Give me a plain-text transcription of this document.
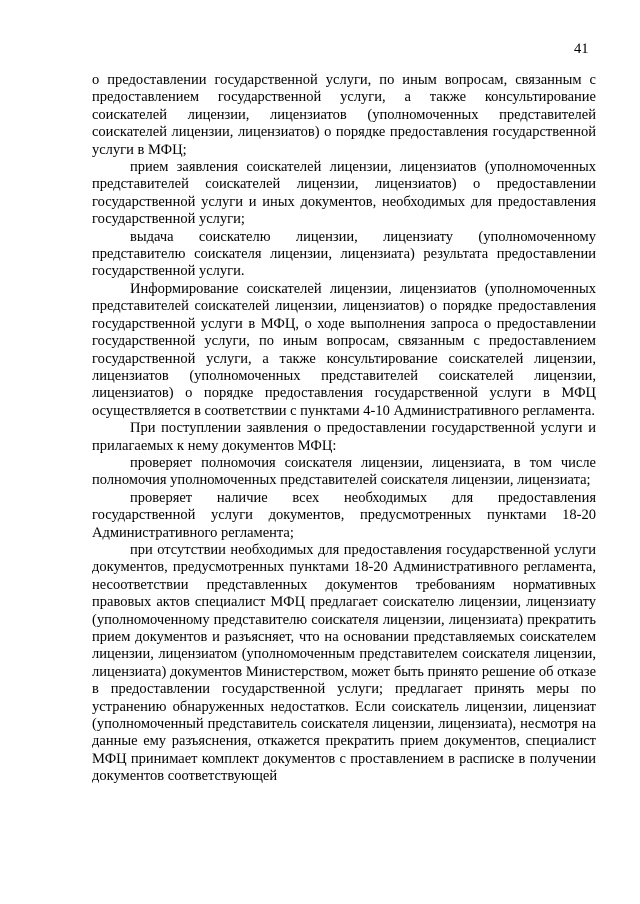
41

о предоставлении государственной услуги, по иным вопросам, связанным с предоставлением государственной услуги, а также консультирование соискателей лицензии, лицензиатов (уполномоченных представителей соискателей лицензии, лицензиатов) о порядке предоставления государственной услуги в МФЦ;

прием заявления соискателей лицензии, лицензиатов (уполномоченных представителей соискателей лицензии, лицензиатов) о предоставлении государственной услуги и иных документов, необходимых для предоставления государственной услуги;

выдача соискателю лицензии, лицензиату (уполномоченному представителю соискателя лицензии, лицензиата) результата предоставлении государственной услуги.

Информирование соискателей лицензии, лицензиатов (уполномоченных представителей соискателей лицензии, лицензиатов) о порядке предоставления государственной услуги в МФЦ, о ходе выполнения запроса о предоставлении государственной услуги, по иным вопросам, связанным с предоставлением государственной услуги, а также консультирование соискателей лицензии, лицензиатов (уполномоченных представителей соискателей лицензии, лицензиатов) о порядке предоставления государственной услуги в МФЦ осуществляется в соответствии с пунктами 4-10 Административного регламента.

При поступлении заявления о предоставлении государственной услуги и прилагаемых к нему документов МФЦ:

проверяет полномочия соискателя лицензии, лицензиата, в том числе полномочия уполномоченных представителей соискателя лицензии, лицензиата;

проверяет наличие всех необходимых для предоставления государственной услуги документов, предусмотренных пунктами 18-20 Административного регламента;

при отсутствии необходимых для предоставления государственной услуги документов, предусмотренных пунктами 18-20 Административного регламента, несоответствии представленных документов требованиям нормативных правовых актов специалист МФЦ предлагает соискателю лицензии, лицензиату (уполномоченному представителю соискателя лицензии, лицензиата) прекратить прием документов и разъясняет, что на основании представляемых соискателем лицензии, лицензиатом (уполномоченным представителем соискателя лицензии, лицензиата) документов Министерством, может быть принято решение об отказе в предоставлении государственной услуги; предлагает принять меры по устранению обнаруженных недостатков. Если соискатель лицензии, лицензиат (уполномоченный представитель соискателя лицензии, лицензиата), несмотря на данные ему разъяснения, откажется прекратить прием документов, специалист МФЦ принимает комплект документов с проставлением в расписке в получении документов соответствующей
